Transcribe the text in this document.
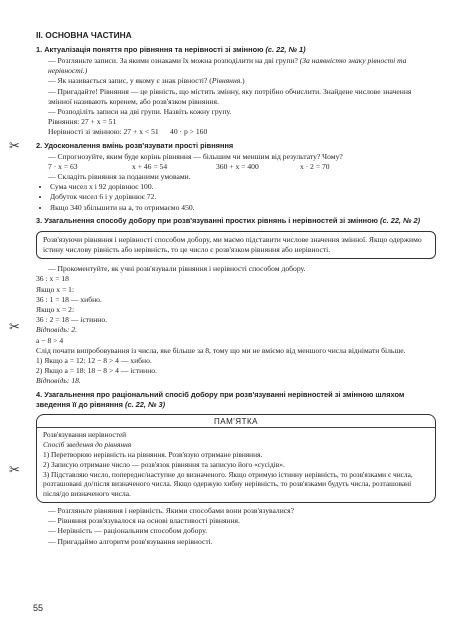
✂
✂
✂
ІІ. ОСНОВНА ЧАСТИНА
1. Актуалізація поняття про рівняння та нерівності зі змінною (с. 22, № 1)

— Розгляньте записи. За якими ознаками їх можна розподілити на дві групи? (За наявністю знаку рівності та нерівності.)

— Як називається запис, у якому є знак рівності? (Рівняння.)

— Пригадайте! Рівняння — це рівність, що містить змінну, яку потрібно обчислити. Знайдене числове значення змінної називають коренем, або розв'язком рівняння.

— Розподіліть записи на дві групи. Назвіть кожну групу.

Рівняння: 27 + x = 51

Нерівності зі змінною: 27 + x < 51      40 · p > 160

2. Удосконалення вмінь розв'язувати прості рівняння

— Спрогнозуйте, яким буде корінь рівняння — більшим чи меншим від результату? Чому?

7 · x = 63	x + 46 = 54	360 + x = 400	x · 2 = 70

— Складіть рівняння за поданими умовами.

• Сума чисел x і 92 дорівнює 100.
• Добуток чисел 6 і y дорівнює 72.
• Якщо 340 збільшити на a, то отримаємо 450.
3. Узагальнення способу добору при розв'язуванні простих рівнянь і нерівностей зі змінною (с. 22, № 2)
Розв'язуючи рівняння і нерівності способом добору, ми маємо підставити числове значення змінної. Якщо одержимо істину числову рівність або нерівність, то це число є розв'язком рівняння або нерівності.

— Прокоментуйте, як учні розв'язували рівняння і нерівності способом добору.

36 : x = 18

Якщо x = 1:

36 : 1 = 18 — хибно.

Якщо x = 2:

36 : 2 = 18 — істинно.

Відповідь: 2.

a − 8 > 4

Слід почати випробовування із числа, яке більше за 8, тому що ми не вміємо від меншого числа віднімати більше.

1) Якщо a = 12: 12 − 8 > 4 — хибно.

2) Якщо a = 18: 18 − 8 > 4 — істинно.

Відповідь: 18.

4. Узагальнення про раціональний спосіб добору при розв'язуванні нерівностей зі змінною шляхом зведення її до рівняння (с. 22, № 3)
ПАМ'ЯТКА
Розв'язування нерівностей
Спосіб зведення до рівняння
1) Перетворюю нерівність на рівняння. Розв'язую отримане рівняння.
2) Записую отримане число — розв'язок рівняння та записую його «сусідів».
3) Підставляю число, попереднє/наступне до визначеного. Якщо отримую істинну нерівність, то розв'язками є числа, розташовані до/після визначеного числа. Якщо одержую хибну нерівність, то розв'язками будуть числа, розташовані після/до визначеного числа.

— Розгляньте рівняння і нерівність. Якими способами вони розв'язувалися?

— Рівняння розв'язувалося на основі властивості рівняння.

— Нерівність — раціональним способом добору.

— Пригадаймо алгоритм розв'язування нерівності.

55
